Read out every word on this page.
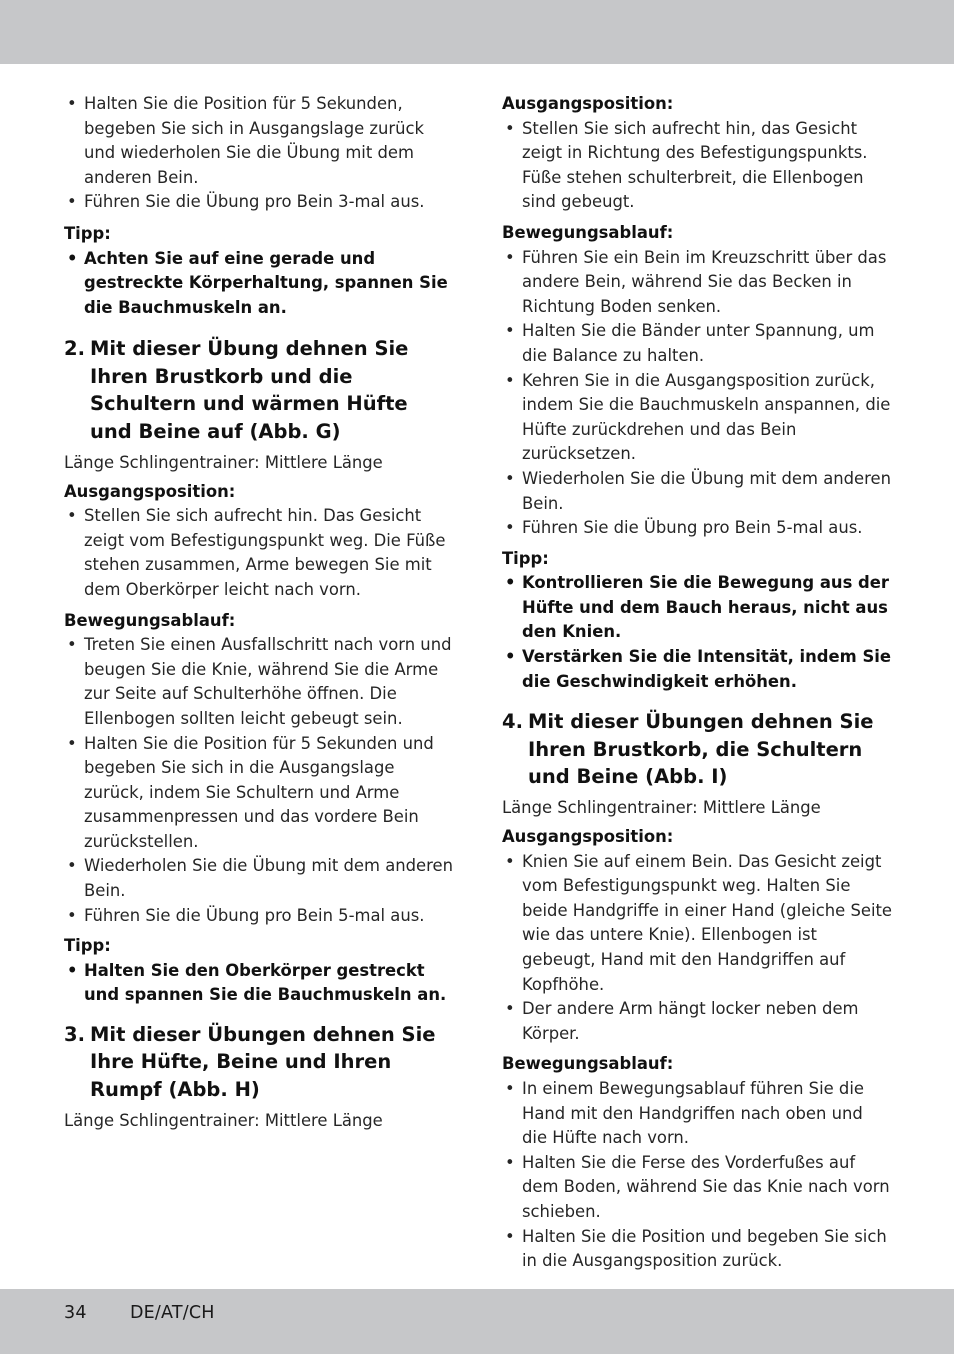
• Halten Sie die Position für 5 Sekunden, begeben Sie sich in Ausgangslage zurück und wiederholen Sie die Übung mit dem anderen Bein.
• Führen Sie die Übung pro Bein 3-mal aus.
Tipp:
• Achten Sie auf eine gerade und gestreckte Körperhaltung, spannen Sie die Bauchmuskeln an.
2. Mit dieser Übung dehnen Sie Ihren Brustkorb und die Schultern und wärmen Hüfte und Beine auf (Abb. G)
Länge Schlingentrainer: Mittlere Länge
Ausgangsposition:
• Stellen Sie sich aufrecht hin. Das Gesicht zeigt vom Befestigungspunkt weg. Die Füße stehen zusammen, Arme bewegen Sie mit dem Oberkörper leicht nach vorn.
Bewegungsablauf:
• Treten Sie einen Ausfallschritt nach vorn und beugen Sie die Knie, während Sie die Arme zur Seite auf Schulterhöhe öffnen. Die Ellenbogen sollten leicht gebeugt sein.
• Halten Sie die Position für 5 Sekunden und begeben Sie sich in die Ausgangslage zurück, indem Sie Schultern und Arme zusammenpressen und das vordere Bein zurückstellen.
• Wiederholen Sie die Übung mit dem anderen Bein.
• Führen Sie die Übung pro Bein 5-mal aus.
Tipp:
• Halten Sie den Oberkörper gestreckt und spannen Sie die Bauchmuskeln an.
3. Mit dieser Übungen dehnen Sie Ihre Hüfte, Beine und Ihren Rumpf (Abb. H)
Länge Schlingentrainer: Mittlere Länge
Ausgangsposition:
• Stellen Sie sich aufrecht hin, das Gesicht zeigt in Richtung des Befestigungspunkts. Füße stehen schulterbreit, die Ellenbogen sind gebeugt.
Bewegungsablauf:
• Führen Sie ein Bein im Kreuzschritt über das andere Bein, während Sie das Becken in Richtung Boden senken.
• Halten Sie die Bänder unter Spannung, um die Balance zu halten.
• Kehren Sie in die Ausgangsposition zurück, indem Sie die Bauchmuskeln anspannen, die Hüfte zurückdrehen und das Bein zurücksetzen.
• Wiederholen Sie die Übung mit dem anderen Bein.
• Führen Sie die Übung pro Bein 5-mal aus.
Tipp:
• Kontrollieren Sie die Bewegung aus der Hüfte und dem Bauch heraus, nicht aus den Knien.
• Verstärken Sie die Intensität, indem Sie die Geschwindigkeit erhöhen.
4. Mit dieser Übungen dehnen Sie Ihren Brustkorb, die Schultern und Beine (Abb. I)
Länge Schlingentrainer: Mittlere Länge
Ausgangsposition:
• Knien Sie auf einem Bein. Das Gesicht zeigt vom Befestigungspunkt weg. Halten Sie beide Handgriffe in einer Hand (gleiche Seite wie das untere Knie). Ellenbogen ist gebeugt, Hand mit den Handgriffen auf Kopfhöhe.
• Der andere Arm hängt locker neben dem Körper.
Bewegungsablauf:
• In einem Bewegungsablauf führen Sie die Hand mit den Handgriffen nach oben und die Hüfte nach vorn.
• Halten Sie die Ferse des Vorderfußes auf dem Boden, während Sie das Knie nach vorn schieben.
• Halten Sie die Position und begeben Sie sich in die Ausgangsposition zurück.
34 DE/AT/CH
